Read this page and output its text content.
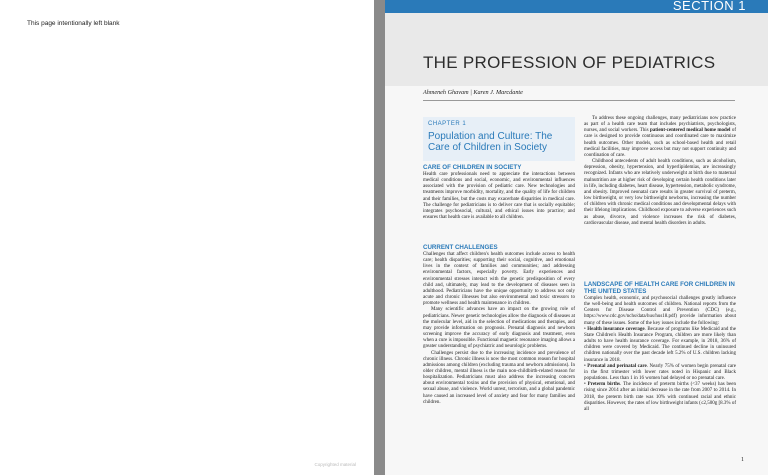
This page intentionally left blank
Copyrighted material
SECTION 1
THE PROFESSION OF PEDIATRICS
Ahmeneh Ghavam | Karen J. Marcdante
CHAPTER 1
Population and Culture: The Care of Children in Society
CARE OF CHILDREN IN SOCIETY

Health care professionals need to appreciate the interactions between medical conditions and social, economic, and environmental influences associated with the provision of pediatric care. New technologies and treatments improve morbidity, mortality, and the quality of life for children and their families, but the costs may exacerbate disparities in medical care. The challenge for pediatricians is to deliver care that is socially equitable; integrates psychosocial, cultural, and ethical issues into practice; and ensures that health care is available to all children.

CURRENT CHALLENGES

Challenges that affect children's health outcomes include access to health care; health disparities; supporting their social, cognitive, and emotional lives in the context of families and communities; and addressing environmental factors, especially poverty. Early experiences and environmental stresses interact with the genetic predisposition of every child and, ultimately, may lead to the development of diseases seen in adulthood. Pediatricians have the unique opportunity to address not only acute and chronic illnesses but also environmental and toxic stressors to promote wellness and health maintenance in children.

Many scientific advances have an impact on the growing role of pediatricians. Newer genetic technologies allow the diagnosis of diseases at the molecular level, aid in the selection of medications and therapies, and may provide information on prognosis. Prenatal diagnosis and newborn screening improve the accuracy of early diagnosis and treatment, even when a cure is impossible. Functional magnetic resonance imaging allows a greater understanding of psychiatric and neurologic problems.

Challenges persist due to the increasing incidence and prevalence of chronic illness. Chronic illness is now the most common reason for hospital admissions among children (excluding trauma and newborn admissions). In older children, mental illness is the main non-childbirth-related reason for hospitalization. Pediatricians must also address the increasing concern about environmental toxins and the provision of physical, emotional, and sexual abuse, and violence. World unrest, terrorism, and a global pandemic have caused an increased level of anxiety and fear for many families and children.

To address these ongoing challenges, many pediatricians now practice as part of a health care team that includes psychiatrists, psychologists, nurses, and social workers. This patient-centered medical home model of care is designed to provide continuous and coordinated care to maximize health outcomes. Other models, such as school-based health and retail medical facilities, may improve access but may not support continuity and coordination of care.

Childhood antecedents of adult health conditions, such as alcoholism, depression, obesity, hypertension, and hyperlipidemias, are increasingly recognized. Infants who are relatively underweight at birth due to maternal malnutrition are at higher risk of developing certain health conditions later in life, including diabetes, heart disease, hypertension, metabolic syndrome, and obesity. Improved neonatal care results in greater survival of preterm, low birthweight, or very low birthweight newborns, increasing the number of children with chronic medical conditions and developmental delays with their lifelong implications. Childhood exposure to adverse experiences such as abuse, divorce, and violence increases the risk of diabetes, cardiovascular disease, and mental health disorders in adults.

LANDSCAPE OF HEALTH CARE FOR CHILDREN IN THE UNITED STATES

Complex health, economic, and psychosocial challenges greatly influence the well-being and health outcomes of children. National reports from the Centers for Disease Control and Prevention (CDC) (e.g., https://www.cdc.gov/nchs/data/hus/hus18.pdf) provide information about many of these issues. Some of the key issues include the following:

• Health insurance coverage. Because of programs like Medicaid and the State Children's Health Insurance Program, children are more likely than adults to have health insurance coverage. For example, in 2018, 36% of children were covered by Medicaid. The continued decline in uninsured children nationally over the past decade left 5.2% of U.S. children lacking insurance in 2018.

• Prenatal and perinatal care. Nearly 75% of women begin prenatal care in the first trimester with lower rates noted in Hispanic and Black populations. Less than 1 in 16 women had delayed or no prenatal care.

• Preterm births. The incidence of preterm births (<37 weeks) has been rising since 2014 after an initial decrease in the rate from 2007 to 2014. In 2018, the preterm birth rate was 10% with continued racial and ethnic disparities. However, the rates of low birthweight infants (≤2,500g [8.3% of all

1
